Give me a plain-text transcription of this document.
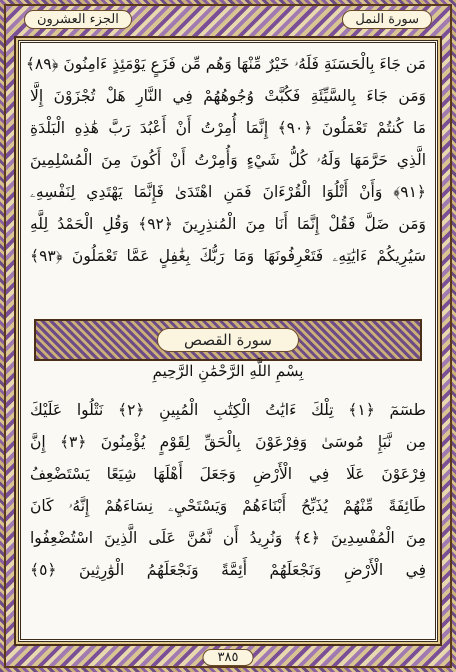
الجزء العشرون	سورة النمل
مَن جَاءَ بِالْحَسَنَةِ فَلَهُۥ خَيْرٌ مِّنْهَا وَهُم مِّن فَزَعٍ يَوْمَئِذٍ ءَامِنُونَ ﴿٨٩﴾
وَمَن جَاءَ بِالسَّيِّئَةِ فَكُبَّتْ وُجُوهُهُمْ فِي النَّارِ هَلْ تُجْزَوْنَ إِلَّا
مَا كُنتُمْ تَعْمَلُونَ ﴿٩٠﴾ إِنَّمَا أُمِرْتُ أَنْ أَعْبُدَ رَبَّ هَٰذِهِ الْبَلْدَةِ
الَّذِي حَرَّمَهَا وَلَهُۥ كُلُّ شَيْءٍ وَأُمِرْتُ أَنْ أَكُونَ مِنَ الْمُسْلِمِينَ
﴿٩١﴾ وَأَنْ أَتْلُوَا الْقُرْءَانَ فَمَنِ اهْتَدَىٰ فَإِنَّمَا يَهْتَدِي لِنَفْسِهِۦ
وَمَن ضَلَّ فَقُلْ إِنَّمَا أَنَا مِنَ الْمُنذِرِينَ ﴿٩٢﴾ وَقُلِ الْحَمْدُ لِلَّهِ
سَيُرِيكُمْ ءَايَٰتِهِۦ فَتَعْرِفُونَهَا وَمَا رَبُّكَ بِغَٰفِلٍ عَمَّا تَعْمَلُونَ ﴿٩٣﴾
سورة القصص
بِسْمِ اللَّهِ الرَّحْمَٰنِ الرَّحِيمِ
طسٓمٓ ﴿١﴾ تِلْكَ ءَايَٰتُ الْكِتَٰبِ الْمُبِينِ ﴿٢﴾ نَتْلُوا عَلَيْكَ
مِن نَّبَإِ مُوسَىٰ وَفِرْعَوْنَ بِالْحَقِّ لِقَوْمٍ يُؤْمِنُونَ ﴿٣﴾ إِنَّ
فِرْعَوْنَ عَلَا فِي الْأَرْضِ وَجَعَلَ أَهْلَهَا شِيَعًا يَسْتَضْعِفُ
طَائِفَةً مِّنْهُمْ يُذَبِّحُ أَبْنَاءَهُمْ وَيَسْتَحْيِۦ نِسَاءَهُمْ إِنَّهُۥ كَانَ
مِنَ الْمُفْسِدِينَ ﴿٤﴾ وَنُرِيدُ أَن نَّمُنَّ عَلَى الَّذِينَ اسْتُضْعِفُوا
فِي الْأَرْضِ وَنَجْعَلَهُمْ أَئِمَّةً وَنَجْعَلَهُمُ الْوَٰرِثِينَ ﴿٥﴾
٣٨٥
